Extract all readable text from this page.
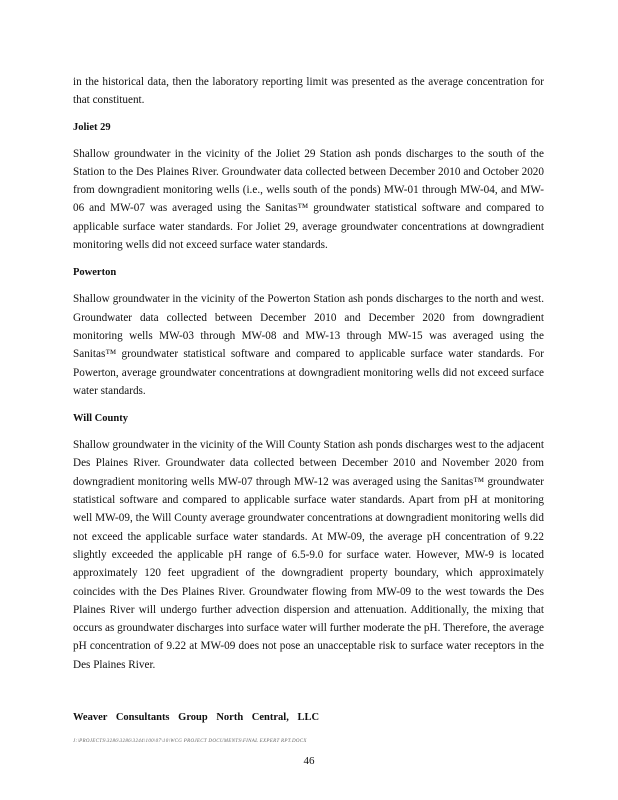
in the historical data, then the laboratory reporting limit was presented as the average concentration for that constituent.

Joliet 29

Shallow groundwater in the vicinity of the Joliet 29 Station ash ponds discharges to the south of the Station to the Des Plaines River. Groundwater data collected between December 2010 and October 2020 from downgradient monitoring wells (i.e., wells south of the ponds) MW-01 through MW-04, and MW-06 and MW-07 was averaged using the Sanitas™ groundwater statistical software and compared to applicable surface water standards. For Joliet 29, average groundwater concentrations at downgradient monitoring wells did not exceed surface water standards.

Powerton

Shallow groundwater in the vicinity of the Powerton Station ash ponds discharges to the north and west. Groundwater data collected between December 2010 and December 2020 from downgradient monitoring wells MW-03 through MW-08 and MW-13 through MW-15 was averaged using the Sanitas™ groundwater statistical software and compared to applicable surface water standards. For Powerton, average groundwater concentrations at downgradient monitoring wells did not exceed surface water standards.

Will County

Shallow groundwater in the vicinity of the Will County Station ash ponds discharges west to the adjacent Des Plaines River. Groundwater data collected between December 2010 and November 2020 from downgradient monitoring wells MW-07 through MW-12 was averaged using the Sanitas™ groundwater statistical software and compared to applicable surface water standards. Apart from pH at monitoring well MW-09, the Will County average groundwater concentrations at downgradient monitoring wells did not exceed the applicable surface water standards. At MW-09, the average pH concentration of 9.22 slightly exceeded the applicable pH range of 6.5-9.0 for surface water. However, MW-9 is located approximately 120 feet upgradient of the downgradient property boundary, which approximately coincides with the Des Plaines River. Groundwater flowing from MW-09 to the west towards the Des Plaines River will undergo further advection dispersion and attenuation. Additionally, the mixing that occurs as groundwater discharges into surface water will further moderate the pH. Therefore, the average pH concentration of 9.22 at MW-09 does not pose an unacceptable risk to surface water receptors in the Des Plaines River.

Weaver Consultants Group North Central, LLC
J:\PROJECTS\3286\3286\3244\100\07\10\WCG PROJECT DOCUMENTS\FINAL EXPERT RPT.DOCX
46
